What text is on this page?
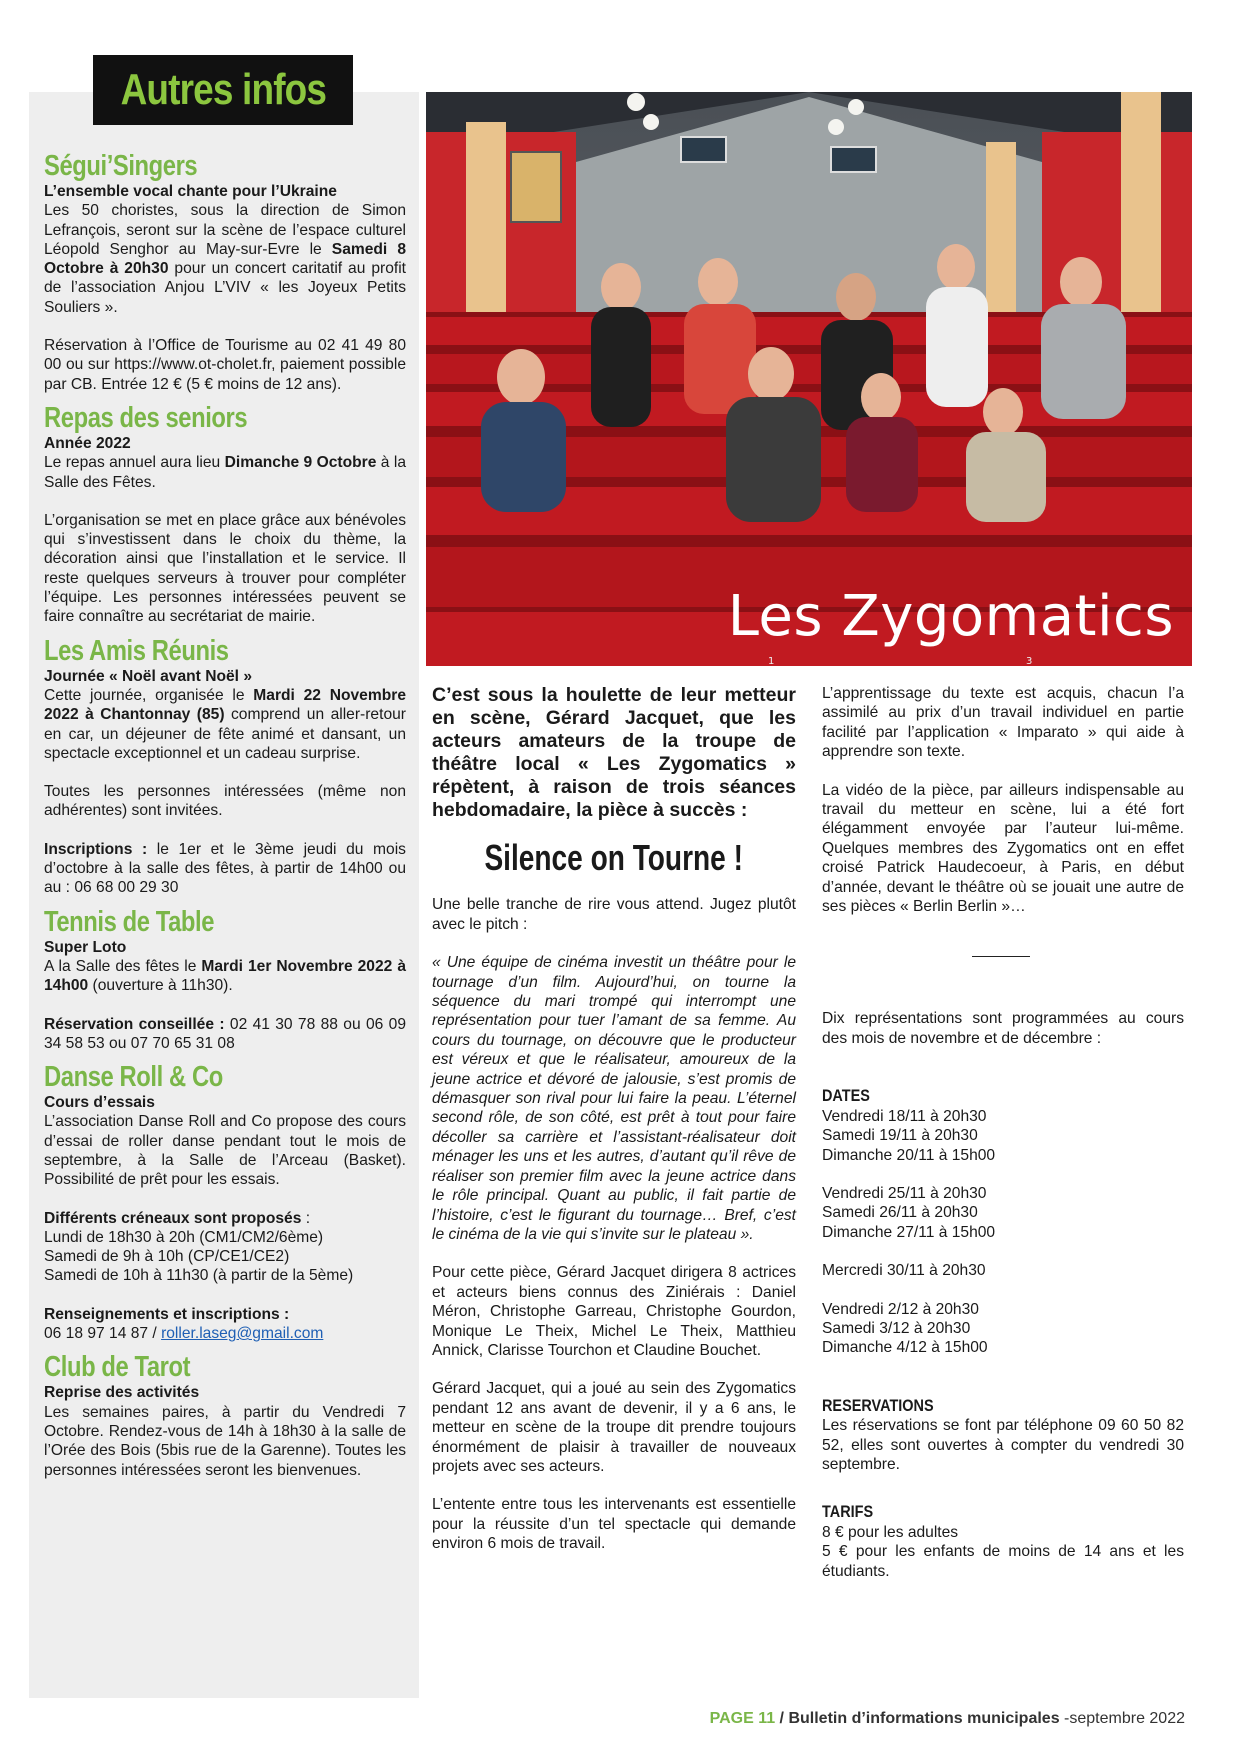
Autres infos
Ségui’Singers

L’ensemble vocal chante pour l’Ukraine

Les 50 choristes, sous la direction de Simon Lefrançois, seront sur la scène de l’espace culturel Léopold Senghor au May-sur-Evre le Samedi 8 Octobre à 20h30 pour un concert caritatif au profit de l’association Anjou L’VIV « les Joyeux Petits Souliers ».

Réservation à l’Office de Tourisme au 02 41 49 80 00 ou sur https://www.ot-cholet.fr, paiement possible par CB. Entrée 12 € (5 € moins de 12 ans).

Repas des seniors

Année 2022

Le repas annuel aura lieu Dimanche 9 Octobre à la Salle des Fêtes.

L’organisation se met en place grâce aux bénévoles qui s’investissent dans le choix du thème, la décoration ainsi que l’installation et le service. Il reste quelques serveurs à trouver pour compléter l’équipe. Les personnes intéressées peuvent se faire connaître au secrétariat de mairie.

Les Amis Réunis

Journée « Noël avant Noël »

Cette journée, organisée le Mardi 22 Novembre 2022 à Chantonnay (85) comprend un aller-retour en car, un déjeuner de fête animé et dansant, un spectacle exceptionnel et un cadeau surprise.

Toutes les personnes intéressées (même non adhérentes) sont invitées.

Inscriptions : le 1er et le 3ème jeudi du mois d’octobre à la salle des fêtes, à partir de 14h00 ou au : 06 68 00 29 30

Tennis de Table

Super Loto

A la Salle des fêtes le Mardi 1er Novembre 2022 à 14h00 (ouverture à 11h30).

Réservation conseillée : 02 41 30 78 88 ou 06 09 34 58 53 ou 07 70 65 31 08

Danse Roll & Co

Cours d’essais

L’association Danse Roll and Co propose des cours d’essai de roller danse pendant tout le mois de septembre, à la Salle de l’Arceau (Basket). Possibilité de prêt pour les essais.

Différents créneaux sont proposés :

Lundi de 18h30 à 20h (CM1/CM2/6ème)

Samedi de 9h à 10h (CP/CE1/CE2)

Samedi de 10h à 11h30 (à partir de la 5ème)

Renseignements et inscriptions :

06 18 97 14 87 / roller.laseg@gmail.com

Club de Tarot

Reprise des activités

Les semaines paires, à partir du Vendredi 7 Octobre. Rendez-vous de 14h à 18h30 à la salle de l’Orée des Bois (5bis rue de la Garenne). Toutes les personnes intéressées seront les bienvenues.

1	3
Les Zygomatics

C’est sous la houlette de leur metteur en scène, Gérard Jacquet, que les acteurs amateurs de la troupe de théâtre local « Les Zygomatics » répètent, à raison de trois séances hebdomadaire, la pièce à succès :

Silence on Tourne !

Une belle tranche de rire vous attend. Jugez plutôt avec le pitch :

« Une équipe de cinéma investit un théâtre pour le tournage d’un film. Aujourd’hui, on tourne la séquence du mari trompé qui interrompt une représentation pour tuer l’amant de sa femme. Au cours du tournage, on découvre que le producteur est véreux et que le réalisateur, amoureux de la jeune actrice et dévoré de jalousie, s’est promis de démasquer son rival pour lui faire la peau. L’éternel second rôle, de son côté, est prêt à tout pour faire décoller sa carrière et l’assistant-réalisateur doit ménager les uns et les autres, d’autant qu’il rêve de réaliser son premier film avec la jeune actrice dans le rôle principal. Quant au public, il fait partie de l’histoire, c’est le figurant du tournage… Bref, c’est le cinéma de la vie qui s’invite sur le plateau ».

Pour cette pièce, Gérard Jacquet dirigera 8 actrices et acteurs biens connus des Ziniérais : Daniel Méron, Christophe Garreau, Christophe Gourdon, Monique Le Theix, Michel Le Theix, Matthieu Annick, Clarisse Tourchon et Claudine Bouchet.

Gérard Jacquet, qui a joué au sein des Zygomatics pendant 12 ans avant de devenir, il y a 6 ans, le metteur en scène de la troupe dit prendre toujours énormément de plaisir à travailler de nouveaux projets avec ses acteurs.

L’entente entre tous les intervenants est essentielle pour la réussite d’un tel spectacle qui demande environ 6 mois de travail.

L’apprentissage du texte est acquis, chacun l’a assimilé au prix d’un travail individuel en partie facilité par l’application « Imparato » qui aide à apprendre son texte.

La vidéo de la pièce, par ailleurs indispensable au travail du metteur en scène, lui a été fort élégamment envoyée par l’auteur lui-même. Quelques membres des Zygomatics ont en effet croisé Patrick Haudecoeur, à Paris, en début d’année, devant le théâtre où se jouait une autre de ses pièces « Berlin Berlin »…

Dix représentations sont programmées au cours des mois de novembre et de décembre :

DATES

Vendredi 18/11 à 20h30

Samedi 19/11 à 20h30

Dimanche 20/11 à 15h00

Vendredi 25/11 à 20h30

Samedi 26/11 à 20h30

Dimanche 27/11 à 15h00

Mercredi 30/11 à 20h30

Vendredi 2/12 à 20h30

Samedi 3/12 à 20h30

Dimanche 4/12 à 15h00

RESERVATIONS

Les réservations se font par téléphone 09 60 50 82 52, elles sont ouvertes à compter du vendredi 30 septembre.

TARIFS

8 € pour les adultes

5 € pour les enfants de moins de 14 ans et les étudiants.

PAGE 11 / Bulletin d’informations municipales -septembre 2022
